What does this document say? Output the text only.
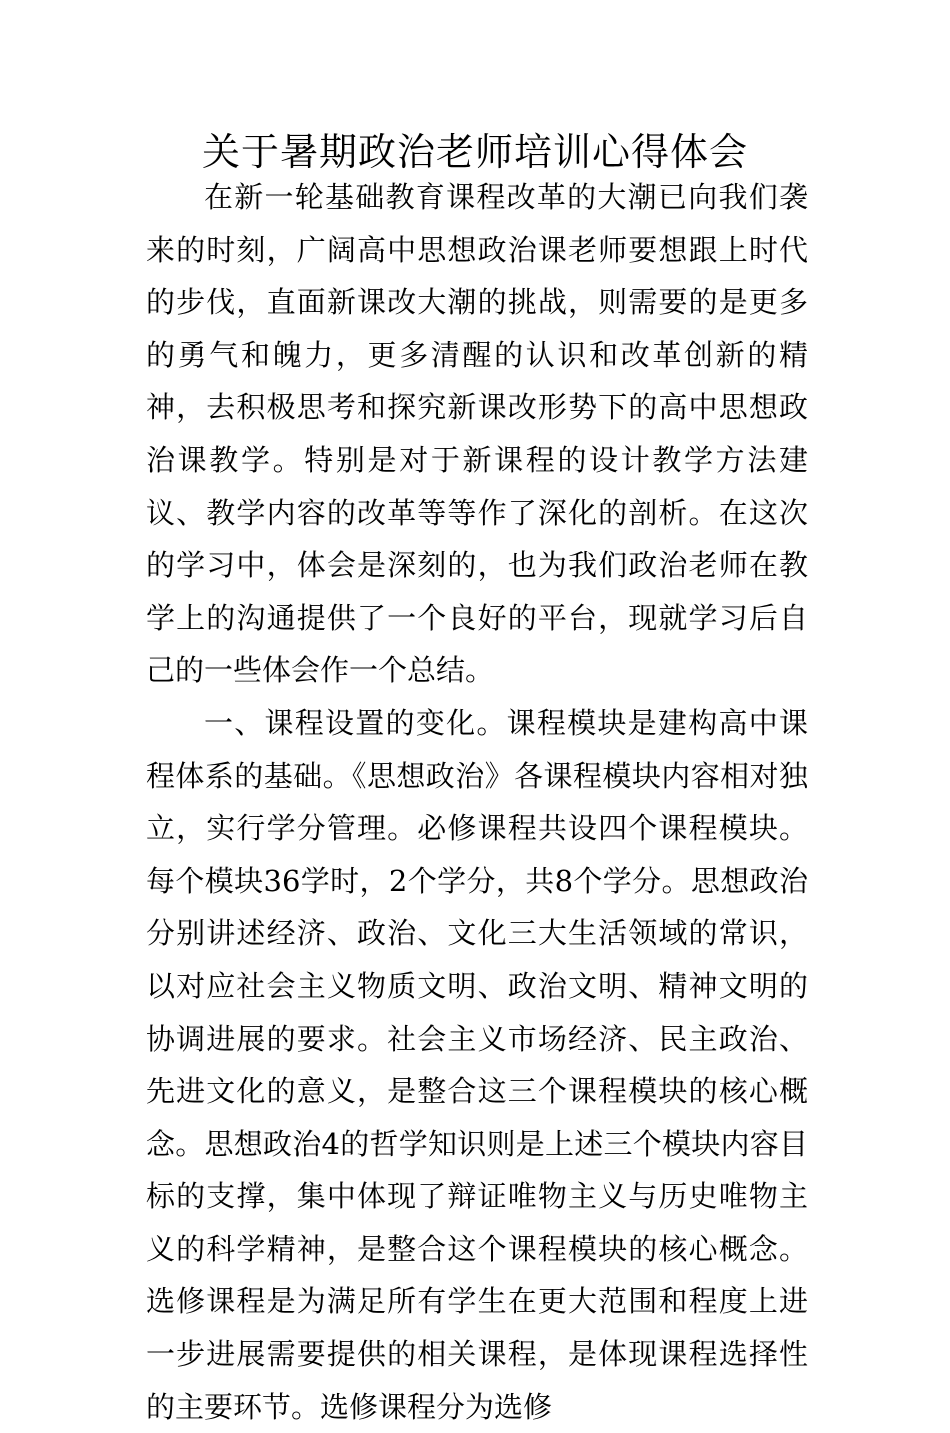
关于暑期政治老师培训心得体会

在新一轮基础教育课程改革的大潮已向我们袭来的时刻，广阔高中思想政治课老师要想跟上时代的步伐，直面新课改大潮的挑战，则需要的是更多的勇气和魄力，更多清醒的认识和改革创新的精神，去积极思考和探究新课改形势下的高中思想政治课教学。特别是对于新课程的设计教学方法建议、教学内容的改革等等作了深化的剖析。在这次的学习中，体会是深刻的，也为我们政治老师在教学上的沟通提供了一个良好的平台，现就学习后自己的一些体会作一个总结。

一、课程设置的变化。课程模块是建构高中课程体系的基础。《思想政治》各课程模块内容相对独立，实行学分管理。必修课程共设四个课程模块。每个模块36学时，2个学分，共8个学分。思想政治分别讲述经济、政治、文化三大生活领域的常识，以对应社会主义物质文明、政治文明、精神文明的协调进展的要求。社会主义市场经济、民主政治、先进文化的意义，是整合这三个课程模块的核心概念。思想政治4的哲学知识则是上述三个模块内容目标的支撑，集中体现了辩证唯物主义与历史唯物主义的科学精神，是整合这个课程模块的核心概念。选修课程是为满足所有学生在更大范围和程度上进一步进展需要提供的相关课程，是体现课程选择性的主要环节。选修课程分为选修
